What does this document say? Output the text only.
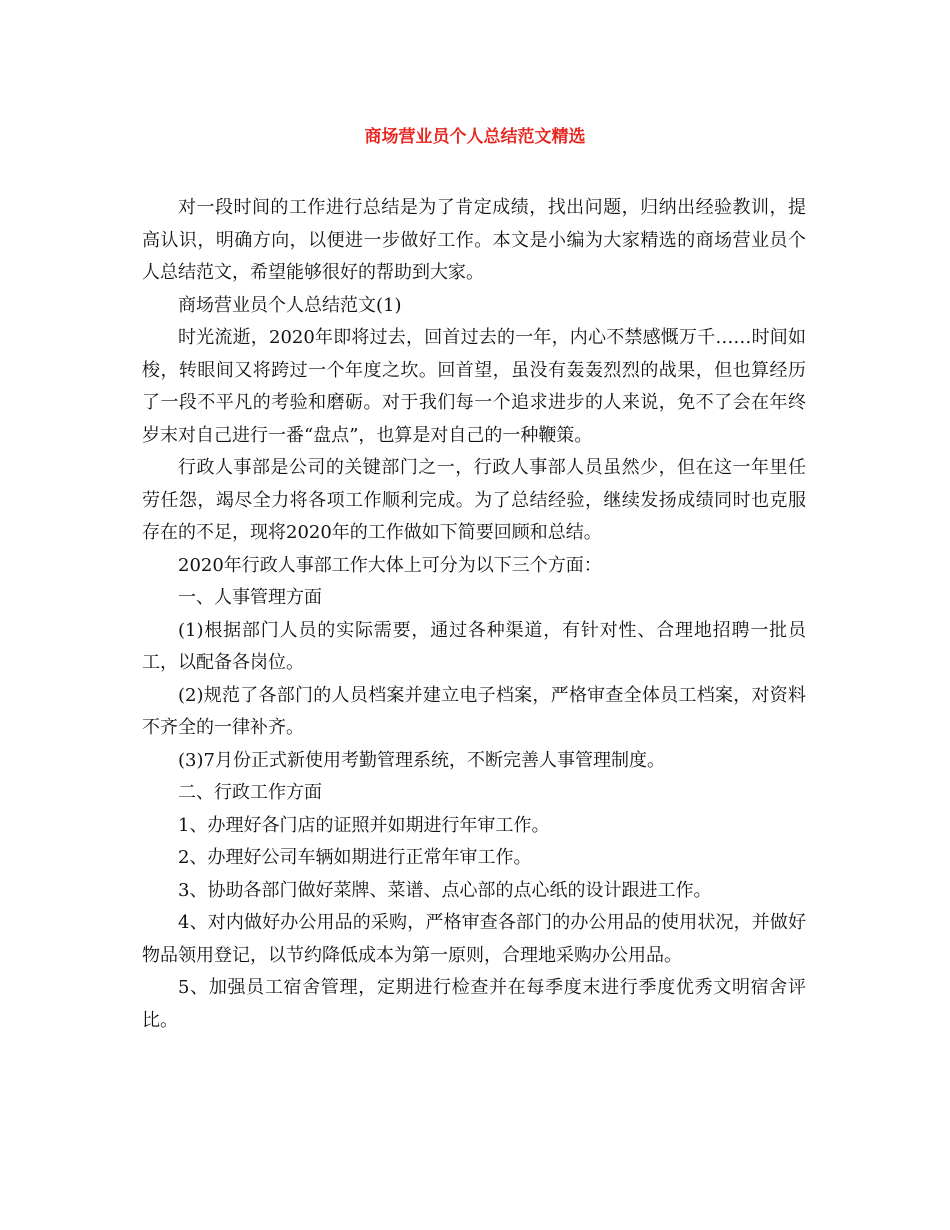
商场营业员个人总结范文精选

对一段时间的工作进行总结是为了肯定成绩，找出问题，归纳出经验教训，提高认识，明确方向，以便进一步做好工作。本文是小编为大家精选的商场营业员个人总结范文，希望能够很好的帮助到大家。

商场营业员个人总结范文(1)

时光流逝，2020年即将过去，回首过去的一年，内心不禁感慨万千……时间如梭，转眼间又将跨过一个年度之坎。回首望，虽没有轰轰烈烈的战果，但也算经历了一段不平凡的考验和磨砺。对于我们每一个追求进步的人来说，免不了会在年终岁末对自己进行一番“盘点”，也算是对自己的一种鞭策。

行政人事部是公司的关键部门之一，行政人事部人员虽然少，但在这一年里任劳任怨，竭尽全力将各项工作顺利完成。为了总结经验，继续发扬成绩同时也克服存在的不足，现将2020年的工作做如下简要回顾和总结。

2020年行政人事部工作大体上可分为以下三个方面：

一、人事管理方面

(1)根据部门人员的实际需要，通过各种渠道，有针对性、合理地招聘一批员工，以配备各岗位。

(2)规范了各部门的人员档案并建立电子档案，严格审查全体员工档案，对资料不齐全的一律补齐。

(3)7月份正式新使用考勤管理系统，不断完善人事管理制度。

二、行政工作方面

1、办理好各门店的证照并如期进行年审工作。

2、办理好公司车辆如期进行正常年审工作。

3、协助各部门做好菜牌、菜谱、点心部的点心纸的设计跟进工作。

4、对内做好办公用品的采购，严格审查各部门的办公用品的使用状况，并做好物品领用登记，以节约降低成本为第一原则，合理地采购办公用品。

5、加强员工宿舍管理，定期进行检查并在每季度末进行季度优秀文明宿舍评比。
